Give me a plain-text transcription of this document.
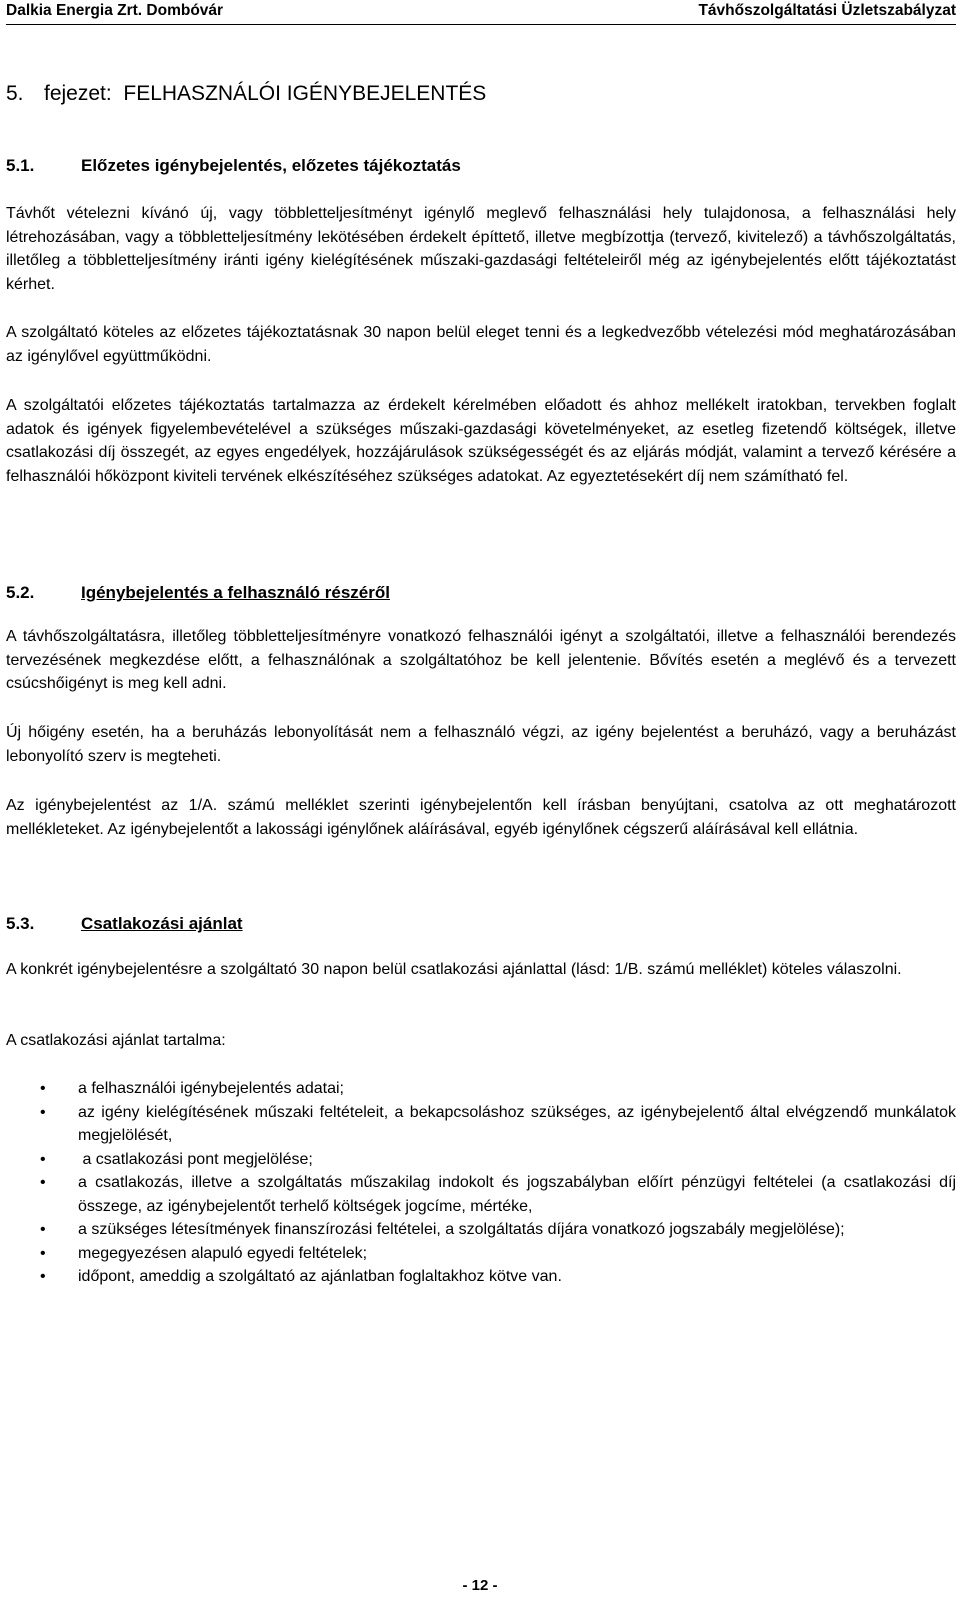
Dalkia Energia Zrt. Dombóvár	Távhőszolgáltatási Üzletszabályzat
5. fejezet:  FELHASZNÁLÓI IGÉNYBEJELENTÉS
5.1.	Előzetes igénybejelentés, előzetes tájékoztatás

Távhőt vételezni kívánó új, vagy többletteljesítményt igénylő meglevő felhasználási hely tulajdonosa, a felhasználási hely létrehozásában, vagy a többletteljesítmény lekötésében érdekelt építtető, illetve megbízottja (tervező, kivitelező) a távhőszolgáltatás, illetőleg a többletteljesítmény iránti igény kielégítésének műszaki-gazdasági feltételeiről még az igénybejelentés előtt tájékoztatást kérhet.

A szolgáltató köteles az előzetes tájékoztatásnak 30 napon belül eleget tenni és a legkedvezőbb vételezési mód meghatározásában az igénylővel együttműködni.

A szolgáltatói előzetes tájékoztatás tartalmazza az érdekelt kérelmében előadott és ahhoz mellékelt iratokban, tervekben foglalt adatok és igények figyelembevételével a szükséges műszaki-gazdasági követelményeket, az esetleg fizetendő költségek, illetve csatlakozási díj összegét, az egyes engedélyek, hozzájárulások szükségességét és az eljárás módját, valamint a tervező kérésére a felhasználói hőközpont kiviteli tervének elkészítéséhez szükséges adatokat. Az egyeztetésekért díj nem számítható fel.

5.2.	Igénybejelentés a felhasználó részéről

A távhőszolgáltatásra, illetőleg többletteljesítményre vonatkozó felhasználói igényt a szolgáltatói, illetve a felhasználói berendezés tervezésének megkezdése előtt, a felhasználónak a szolgáltatóhoz be kell jelentenie. Bővítés esetén a meglévő és a tervezett csúcshőigényt is meg kell adni.

Új hőigény esetén, ha a beruházás lebonyolítását nem a felhasználó végzi, az igény bejelentést a beruházó, vagy a beruházást lebonyolító szerv is megteheti.

Az igénybejelentést az 1/A. számú melléklet szerinti igénybejelentőn kell írásban benyújtani, csatolva az ott meghatározott mellékleteket. Az igénybejelentőt a lakossági igénylőnek aláírásával, egyéb igénylőnek cégszerű aláírásával kell ellátnia.

5.3.	Csatlakozási ajánlat

A konkrét igénybejelentésre a szolgáltató 30 napon belül csatlakozási ajánlattal (lásd: 1/B. számú melléklet) köteles válaszolni.

A csatlakozási ajánlat tartalma:

• a felhasználói igénybejelentés adatai;
• az igény kielégítésének műszaki feltételeit, a bekapcsoláshoz szükséges, az igénybejelentő által elvégzendő munkálatok megjelölését,
• a csatlakozási pont megjelölése;
• a csatlakozás, illetve a szolgáltatás műszakilag indokolt és jogszabályban előírt pénzügyi feltételei (a csatlakozási díj összege, az igénybejelentőt terhelő költségek jogcíme, mértéke,
• a szükséges létesítmények finanszírozási feltételei, a szolgáltatás díjára vonatkozó jogszabály megjelölése);
• megegyezésen alapuló egyedi feltételek;
• időpont, ameddig a szolgáltató az ajánlatban foglaltakhoz kötve van.
- 12 -
